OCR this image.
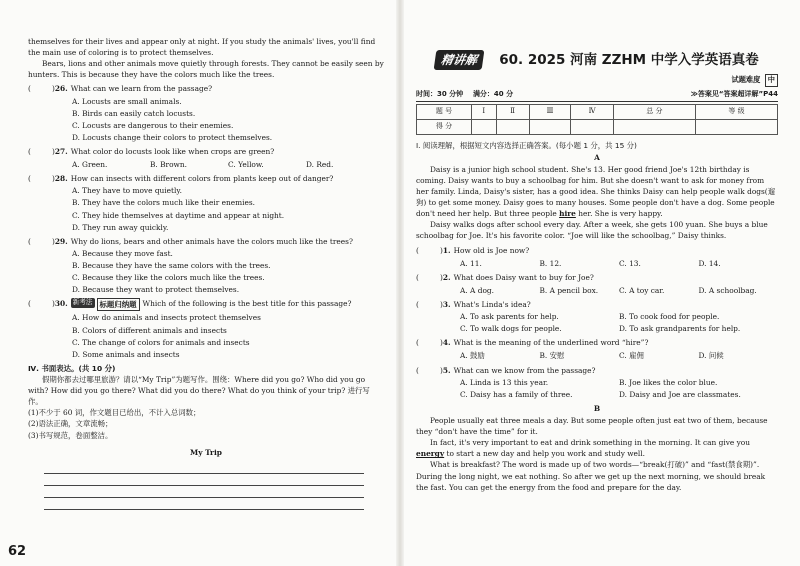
themselves for their lives and appear only at night. If you study the animals' lives, you'll find the main use of coloring is to protect themselves.

Bears, lions and other animals move quietly through forests. They cannot be easily seen by hunters. This is because they have the colors much like the trees.

(	) 26. What can we learn from the passage?
A. Locusts are small animals.
B. Birds can easily catch locusts.
C. Locusts are dangerous to their enemies.
D. Locusts change their colors to protect themselves.
(	) 27. What color do locusts look like when crops are green?
A. Green.	B. Brown.	C. Yellow.	D. Red.
(	) 28. How can insects with different colors from plants keep out of danger?
A. They have to move quietly.
B. They have the colors much like their enemies.
C. They hide themselves at daytime and appear at night.
D. They run away quickly.
(	) 29. Why do lions, bears and other animals have the colors much like the trees?
A. Because they move fast.
B. Because they have the same colors with the trees.
C. Because they like the colors much like the trees.
D. Because they want to protect themselves.
(	) 30. 新考法 标题归纳题 Which of the following is the best title for this passage?
A. How do animals and insects protect themselves
B. Colors of different animals and insects
C. The change of colors for animals and insects
D. Some animals and insects
Ⅳ. 书面表达。(共 10 分)

假期你都去过哪里旅游？请以“My Trip”为题写作。围绕：Where did you go? Who did you go with? How did you go there? What did you do there? What do you think of your trip? 进行写作。

(1)不少于 60 词，作文题目已给出，不计入总词数；

(2)语法正确，文章流畅；

(3)书写规范，卷面整洁。

My Trip
62
精讲解	60. 2025 河南 ZZHM 中学入学英语真卷
试题难度 中
时间：30 分钟 满分：40 分	≫答案见“答案超详解”P44
题 号	Ⅰ	Ⅱ	Ⅲ	Ⅳ	总 分	等 级
得 分						
Ⅰ. 阅读理解，根据短文内容选择正确答案。(每小题 1 分，共 15 分)
A

Daisy is a junior high school student. She's 13. Her good friend Joe's 12th birthday is coming. Daisy wants to buy a schoolbag for him. But she doesn't want to ask for money from her family. Linda, Daisy's sister, has a good idea. She thinks Daisy can help people walk dogs(遛狗) to get some money. Daisy goes to many houses. Some people don't have a dog. Some people don't need her help. But three people hire her. She is very happy.

Daisy walks dogs after school every day. After a week, she gets 100 yuan. She buys a blue schoolbag for Joe. It's his favorite color. “Joe will like the schoolbag,” Daisy thinks.

(	) 1. How old is Joe now?
A. 11.	B. 12.	C. 13.	D. 14.
(	) 2. What does Daisy want to buy for Joe?
A. A dog.	B. A pencil box.	C. A toy car.	D. A schoolbag.
(	) 3. What's Linda's idea?
A. To ask parents for help.	B. To cook food for people.
C. To walk dogs for people.	D. To ask grandparents for help.
(	) 4. What is the meaning of the underlined word “hire”?
A. 鼓励	B. 安慰	C. 雇佣	D. 问候
(	) 5. What can we know from the passage?
A. Linda is 13 this year.	B. Joe likes the color blue.
C. Daisy has a family of three.	D. Daisy and Joe are classmates.
B

People usually eat three meals a day. But some people often just eat two of them, because they “don't have the time” for it.

In fact, it's very important to eat and drink something in the morning. It can give you energy to start a new day and help you work and study well.

What is breakfast? The word is made up of two words—“break(打破)” and “fast(禁食期)”. During the long night, we eat nothing. So after we get up the next morning, we should break the fast. You can get the energy from the food and prepare for the day.
